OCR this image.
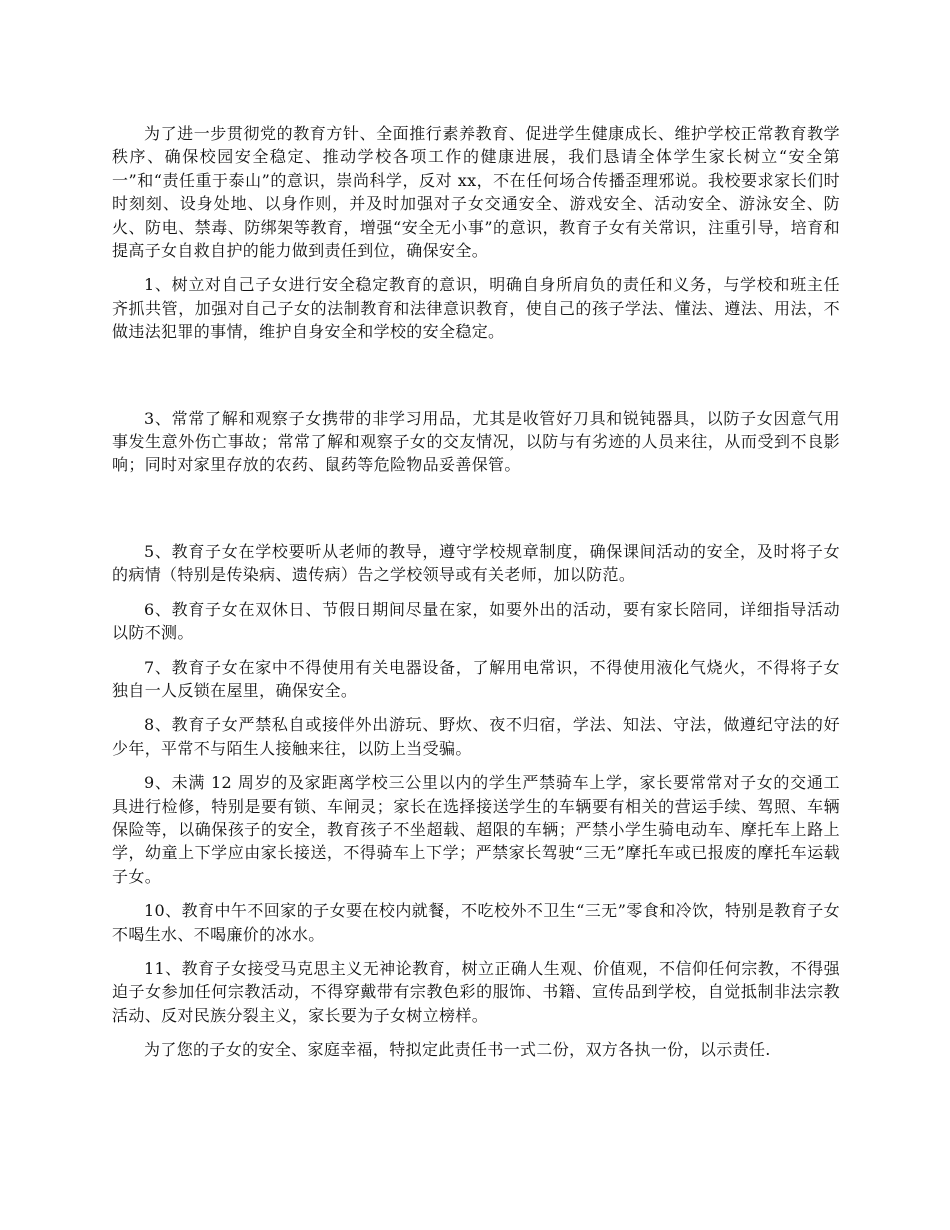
为了进一步贯彻党的教育方针、全面推行素养教育、促进学生健康成长、维护学校正常教育教学秩序、确保校园安全稳定、推动学校各项工作的健康进展，我们恳请全体学生家长树立“安全第一”和“责任重于泰山”的意识，崇尚科学，反对 xx，不在任何场合传播歪理邪说。我校要求家长们时时刻刻、设身处地、以身作则，并及时加强对子女交通安全、游戏安全、活动安全、游泳安全、防火、防电、禁毒、防绑架等教育，增强“安全无小事”的意识，教育子女有关常识，注重引导，培育和提高子女自救自护的能力做到责任到位，确保安全。

1、树立对自己子女进行安全稳定教育的意识，明确自身所肩负的责任和义务，与学校和班主任齐抓共管，加强对自己子女的法制教育和法律意识教育，使自己的孩子学法、懂法、遵法、用法，不做违法犯罪的事情，维护自身安全和学校的安全稳定。

3、常常了解和观察子女携带的非学习用品，尤其是收管好刀具和锐钝器具，以防子女因意气用事发生意外伤亡事故；常常了解和观察子女的交友情况，以防与有劣迹的人员来往，从而受到不良影响；同时对家里存放的农药、鼠药等危险物品妥善保管。

5、教育子女在学校要听从老师的教导，遵守学校规章制度，确保课间活动的安全，及时将子女的病情（特别是传染病、遗传病）告之学校领导或有关老师，加以防范。

6、教育子女在双休日、节假日期间尽量在家，如要外出的活动，要有家长陪同，详细指导活动以防不测。

7、教育子女在家中不得使用有关电器设备，了解用电常识，不得使用液化气烧火，不得将子女独自一人反锁在屋里，确保安全。

8、教育子女严禁私自或接伴外出游玩、野炊、夜不归宿，学法、知法、守法，做遵纪守法的好少年，平常不与陌生人接触来往，以防上当受骗。

9、未满 12 周岁的及家距离学校三公里以内的学生严禁骑车上学，家长要常常对子女的交通工具进行检修，特别是要有锁、车闸灵；家长在选择接送学生的车辆要有相关的营运手续、驾照、车辆保险等，以确保孩子的安全，教育孩子不坐超载、超限的车辆；严禁小学生骑电动车、摩托车上路上学，幼童上下学应由家长接送，不得骑车上下学；严禁家长驾驶“三无”摩托车或已报废的摩托车运载子女。

10、教育中午不回家的子女要在校内就餐，不吃校外不卫生“三无”零食和冷饮，特别是教育子女不喝生水、不喝廉价的冰水。

11、教育子女接受马克思主义无神论教育，树立正确人生观、价值观，不信仰任何宗教，不得强迫子女参加任何宗教活动，不得穿戴带有宗教色彩的服饰、书籍、宣传品到学校，自觉抵制非法宗教活动、反对民族分裂主义，家长要为子女树立榜样。

为了您的子女的安全、家庭幸福，特拟定此责任书一式二份，双方各执一份，以示责任.
